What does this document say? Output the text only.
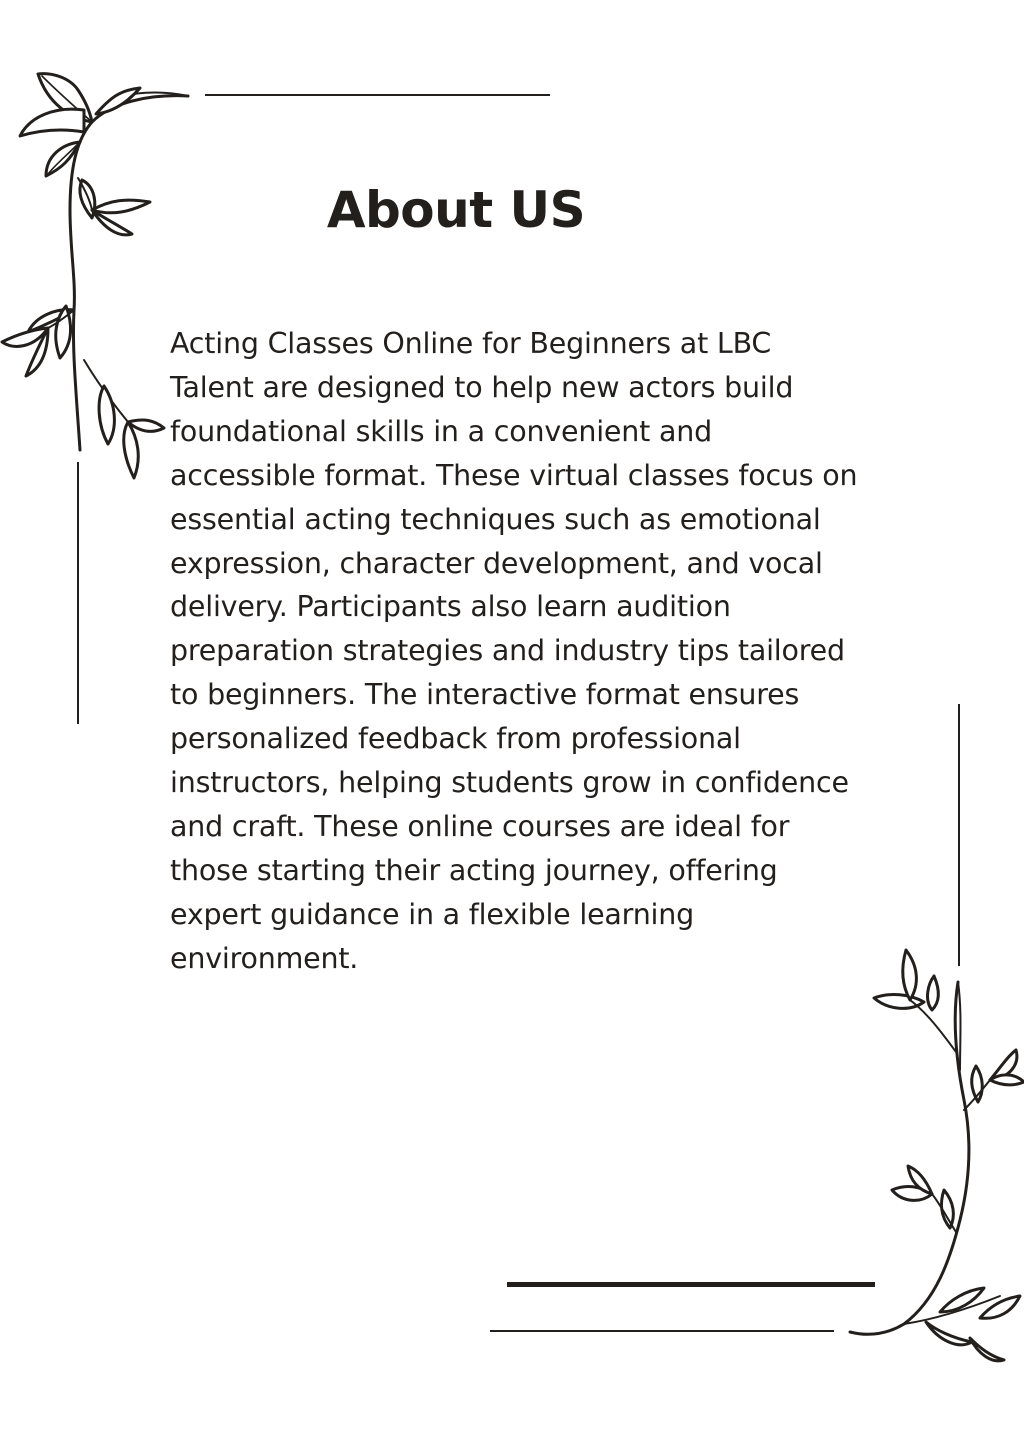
About US

Acting Classes Online for Beginners at LBC Talent are designed to help new actors build foundational skills in a convenient and accessible format. These virtual classes focus on essential acting techniques such as emotional expression, character development, and vocal delivery. Participants also learn audition preparation strategies and industry tips tailored to beginners. The interactive format ensures personalized feedback from professional instructors, helping students grow in confidence and craft. These online courses are ideal for those starting their acting journey, offering expert guidance in a flexible learning environment.
